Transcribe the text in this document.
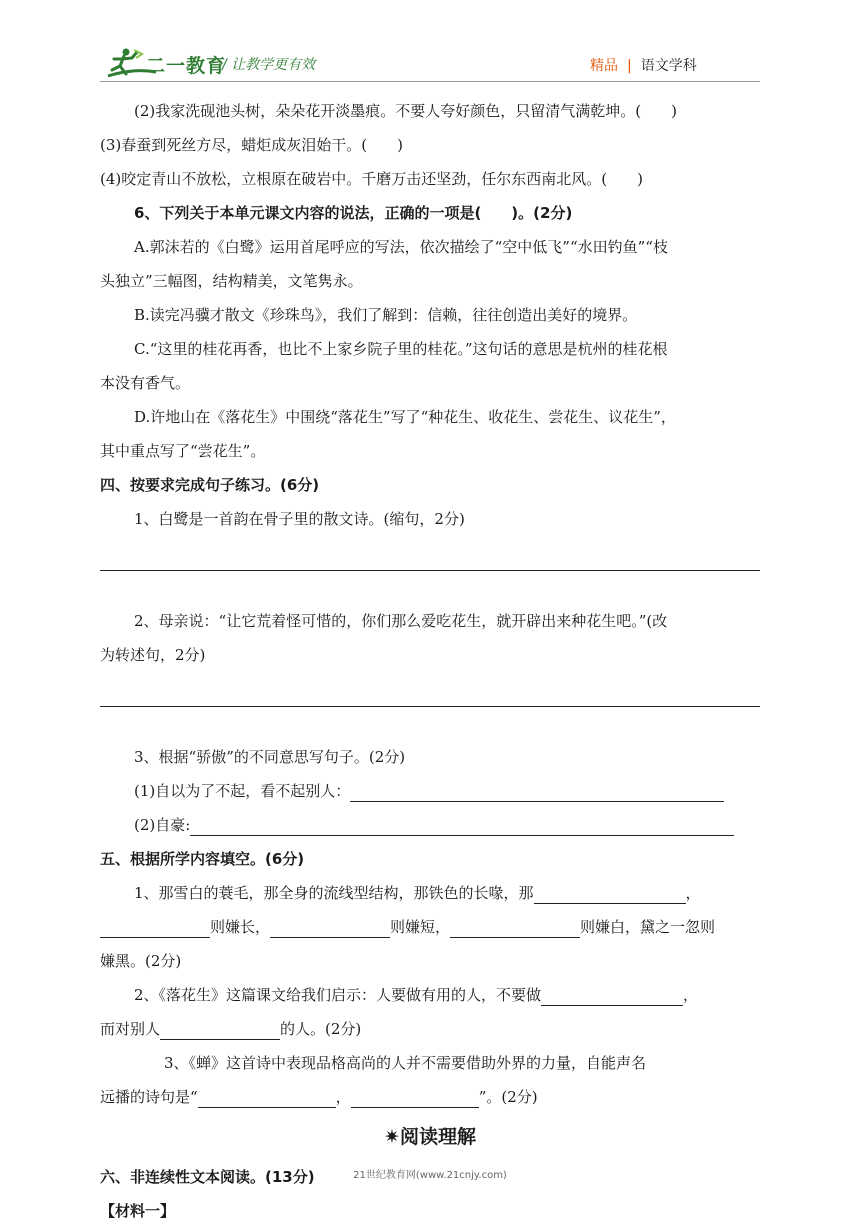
二一教育
/ 让教学更有效	精品 | 语文学科
(2)我家洗砚池头树，朵朵花开淡墨痕。不要人夸好颜色，只留清气满乾坤。(　　)
(3)春蚕到死丝方尽，蜡炬成灰泪始干。(　　)
(4)咬定青山不放松，立根原在破岩中。千磨万击还坚劲，任尔东西南北风。(　　)
6、下列关于本单元课文内容的说法，正确的一项是(　　)。(2分)
A.郭沫若的《白鹭》运用首尾呼应的写法，依次描绘了“空中低飞”“水田钓鱼”“枝
头独立”三幅图，结构精美，文笔隽永。
B.读完冯骥才散文《珍珠鸟》，我们了解到：信赖，往往创造出美好的境界。
C.“这里的桂花再香，也比不上家乡院子里的桂花。”这句话的意思是杭州的桂花根
本没有香气。
D.许地山在《落花生》中围绕“落花生”写了“种花生、收花生、尝花生、议花生”，
其中重点写了“尝花生”。
四、按要求完成句子练习。(6分)
1、白鹭是一首韵在骨子里的散文诗。(缩句，2分)
2、母亲说：“让它荒着怪可惜的，你们那么爱吃花生，就开辟出来种花生吧。”(改
为转述句，2分)
3、根据“骄傲”的不同意思写句子。(2分)
(1)自以为了不起，看不起别人：
(2)自豪:
五、根据所学内容填空。(6分)
1、那雪白的蓑毛，那全身的流线型结构，那铁色的长喙，那	，
则嫌长，	则嫌短，	则嫌白，黛之一忽则
嫌黑。(2分)
2、《落花生》这篇课文给我们启示：人要做有用的人，不要做	，
而对别人	的人。(2分)
3、《蝉》这首诗中表现品格高尚的人并不需要借助外界的力量，自能声名
远播的诗句是“	，	”。(2分)
✷阅读理解
六、非连续性文本阅读。(13分)
【材料一】
21世纪教育网(www.21cnjy.com)
